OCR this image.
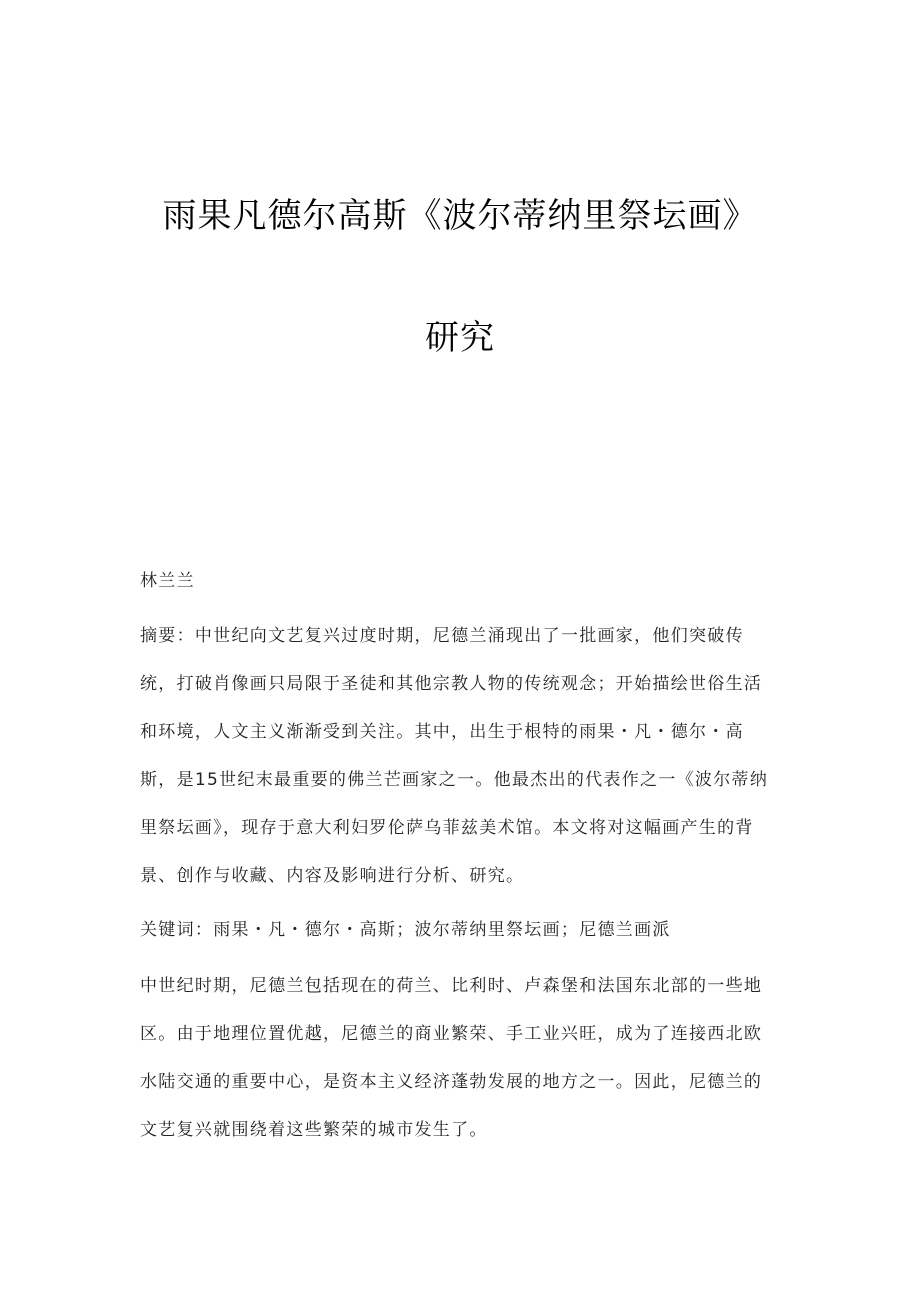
雨果凡德尔高斯《波尔蒂纳里祭坛画》
研究
林兰兰
摘要：中世纪向文艺复兴过度时期，尼德兰涌现出了一批画家，他们突破传
统，打破肖像画只局限于圣徒和其他宗教人物的传统观念；开始描绘世俗生活
和环境，人文主义渐渐受到关注。其中，出生于根特的雨果・凡・德尔・高
斯，是15世纪末最重要的佛兰芒画家之一。他最杰出的代表作之一《波尔蒂纳
里祭坛画》，现存于意大利妇罗伦萨乌菲兹美术馆。本文将对这幅画产生的背
景、创作与收藏、内容及影响进行分析、研究。
关键词：雨果・凡・德尔・高斯；波尔蒂纳里祭坛画；尼德兰画派
中世纪时期，尼德兰包括现在的荷兰、比利时、卢森堡和法国东北部的一些地
区。由于地理位置优越，尼德兰的商业繁荣、手工业兴旺，成为了连接西北欧
水陆交通的重要中心，是资本主义经济蓬勃发展的地方之一。因此，尼德兰的
文艺复兴就围绕着这些繁荣的城市发生了。
